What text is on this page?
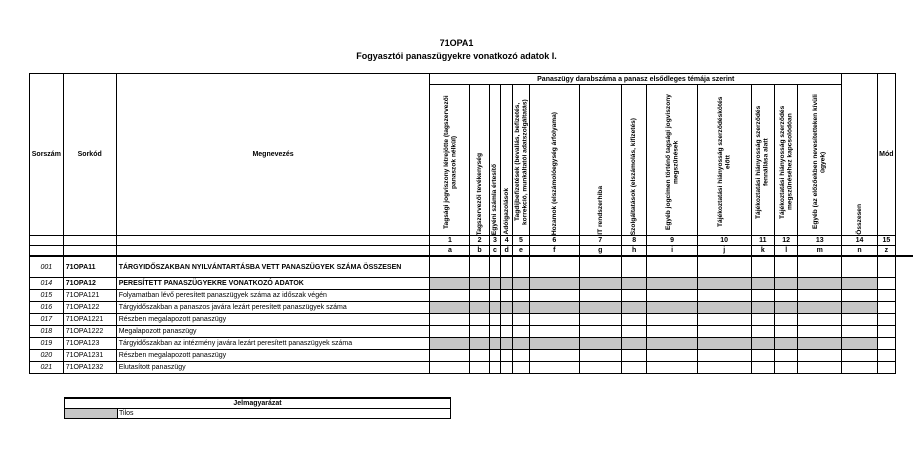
71OPA1
Fogyasztói panaszügyekre vonatkozó adatok I.
Sorszám	Sorkód	Megnevezés	Panaszügy darabszáma a panasz elsődleges témája szerint													Összesen	Mód

			Tagsági jogviszony létrejötte (tagszervezői panaszok nélkül)	Tagszervezői tevékenység	Egyéni számla értesítő	Adóigazolások	Tagdíjbefizetések (bevallás, befizetés, korrekció, munkáltatói adatszolgáltatás)	Hozamok (elszámolóegység árfolyama)	IT rendszerhiba	Szolgáltatások (elszámolás, kifizetés)	Egyéb jogcímen történő tagsági jogviszony megszűnések	Tájékoztatási hiányosság szerződéskötés előtt	Tájékoztatási hiányosság szerződés fennállása alatt	Tájékoztatási hiányosság szerződés megszűnéséhez kapcsolódóan	Egyéb (az előzőekben nevesítetteken kívüli ügyek)		

			1	2	3	4	5	6	7	8	9	10	11	12	13	14	15
			a	b	c	d	e	f	g	h	i	j	k	l	m	n	z
001	71OPA11	TÁRGYIDŐSZAKBAN NYILVÁNTARTÁSBA VETT PANASZÜGYEK SZÁMA ÖSSZESEN															
014	71OPA12	PERESÍTETT PANASZÜGYEKRE VONATKOZÓ ADATOK															
015	71OPA121	Folyamatban lévő peresített panaszügyek száma az időszak végén															
016	71OPA122	Tárgyidőszakban a panaszos javára lezárt peresített panaszügyek száma															
017	71OPA1221	Részben megalapozott panaszügy															
018	71OPA1222	Megalapozott panaszügy															
019	71OPA123	Tárgyidőszakban az intézmény javára lezárt peresített panaszügyek száma															
020	71OPA1231	Részben megalapozott panaszügy															
021	71OPA1232	Elutasított panaszügy															
Jelmagyarázat
	Tilos
